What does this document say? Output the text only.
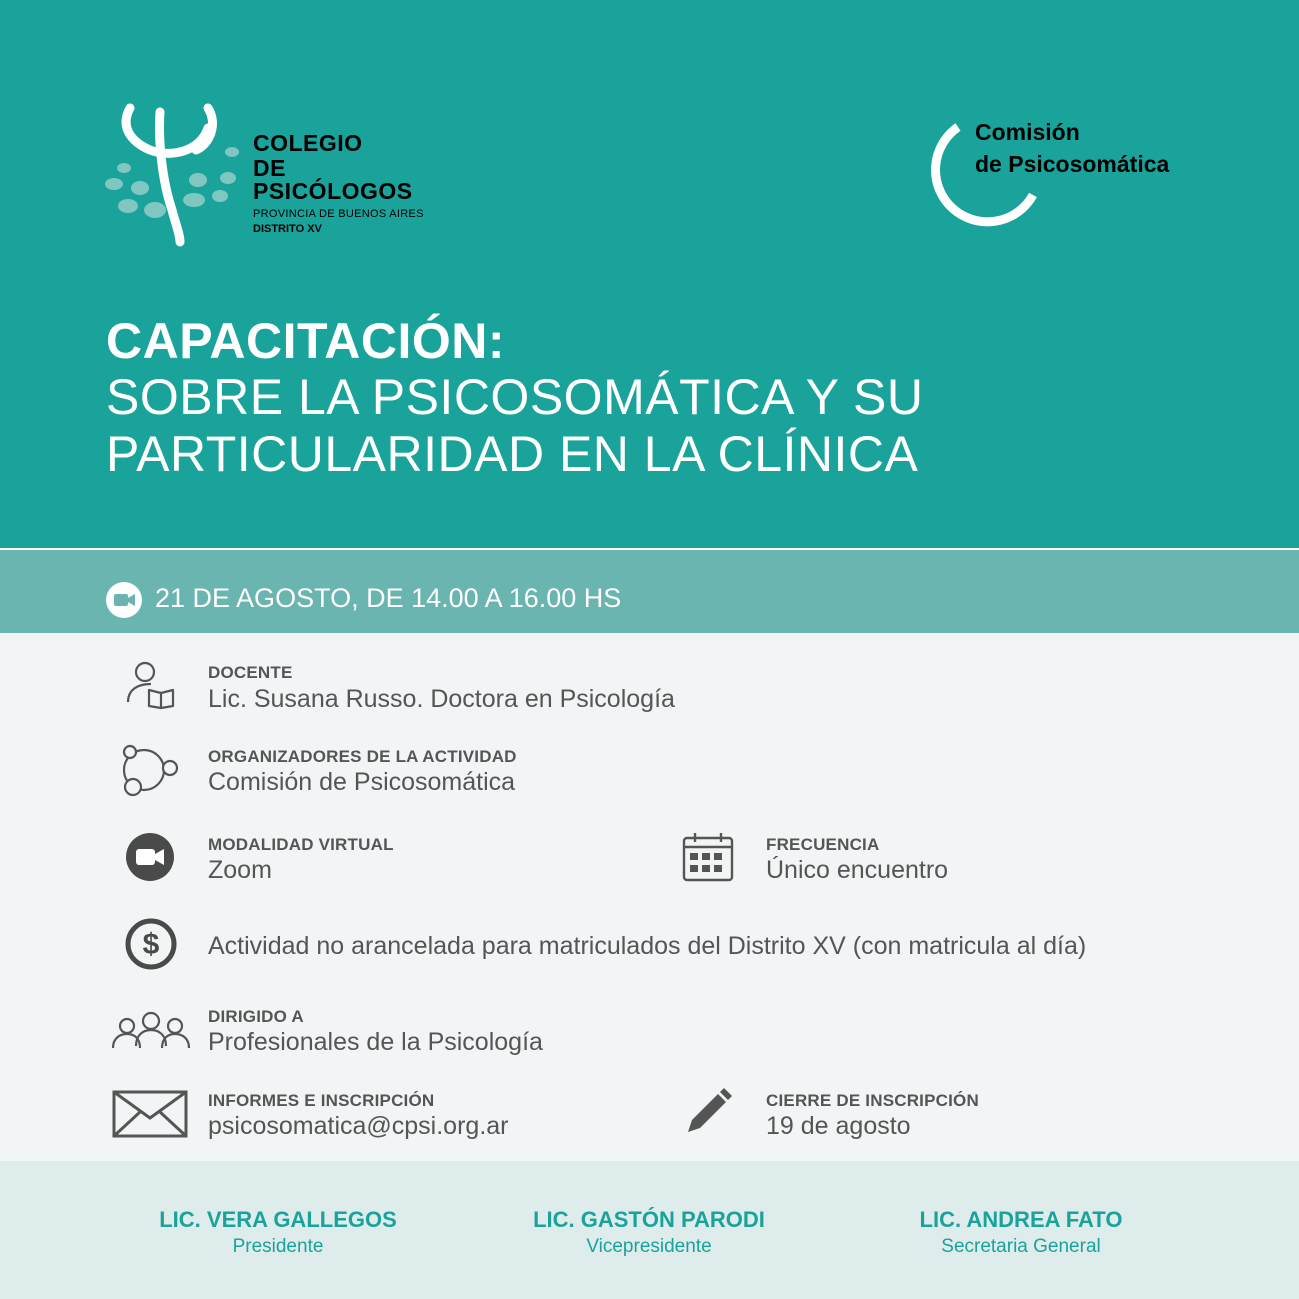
COLEGIO
DE PSICÓLOGOS
PROVINCIA DE BUENOS AIRES
DISTRITO XV
Comisión
de Psicosomática
CAPACITACIÓN:
SOBRE LA PSICOSOMÁTICA Y SU
PARTICULARIDAD EN LA CLÍNICA
21 DE AGOSTO, DE 14.00 A 16.00 HS
DOCENTE
Lic. Susana Russo. Doctora en Psicología
ORGANIZADORES DE LA ACTIVIDAD
Comisión de Psicosomática
MODALIDAD VIRTUAL
Zoom
FRECUENCIA
Único encuentro
$ Actividad no arancelada para matriculados del Distrito XV (con matricula al día)
DIRIGIDO A
Profesionales de la Psicología
INFORMES E INSCRIPCIÓN
psicosomatica@cpsi.org.ar
CIERRE DE INSCRIPCIÓN
19 de agosto
LIC. VERA GALLEGOS
Presidente
LIC. GASTÓN PARODI
Vicepresidente
LIC. ANDREA FATO
Secretaria General
